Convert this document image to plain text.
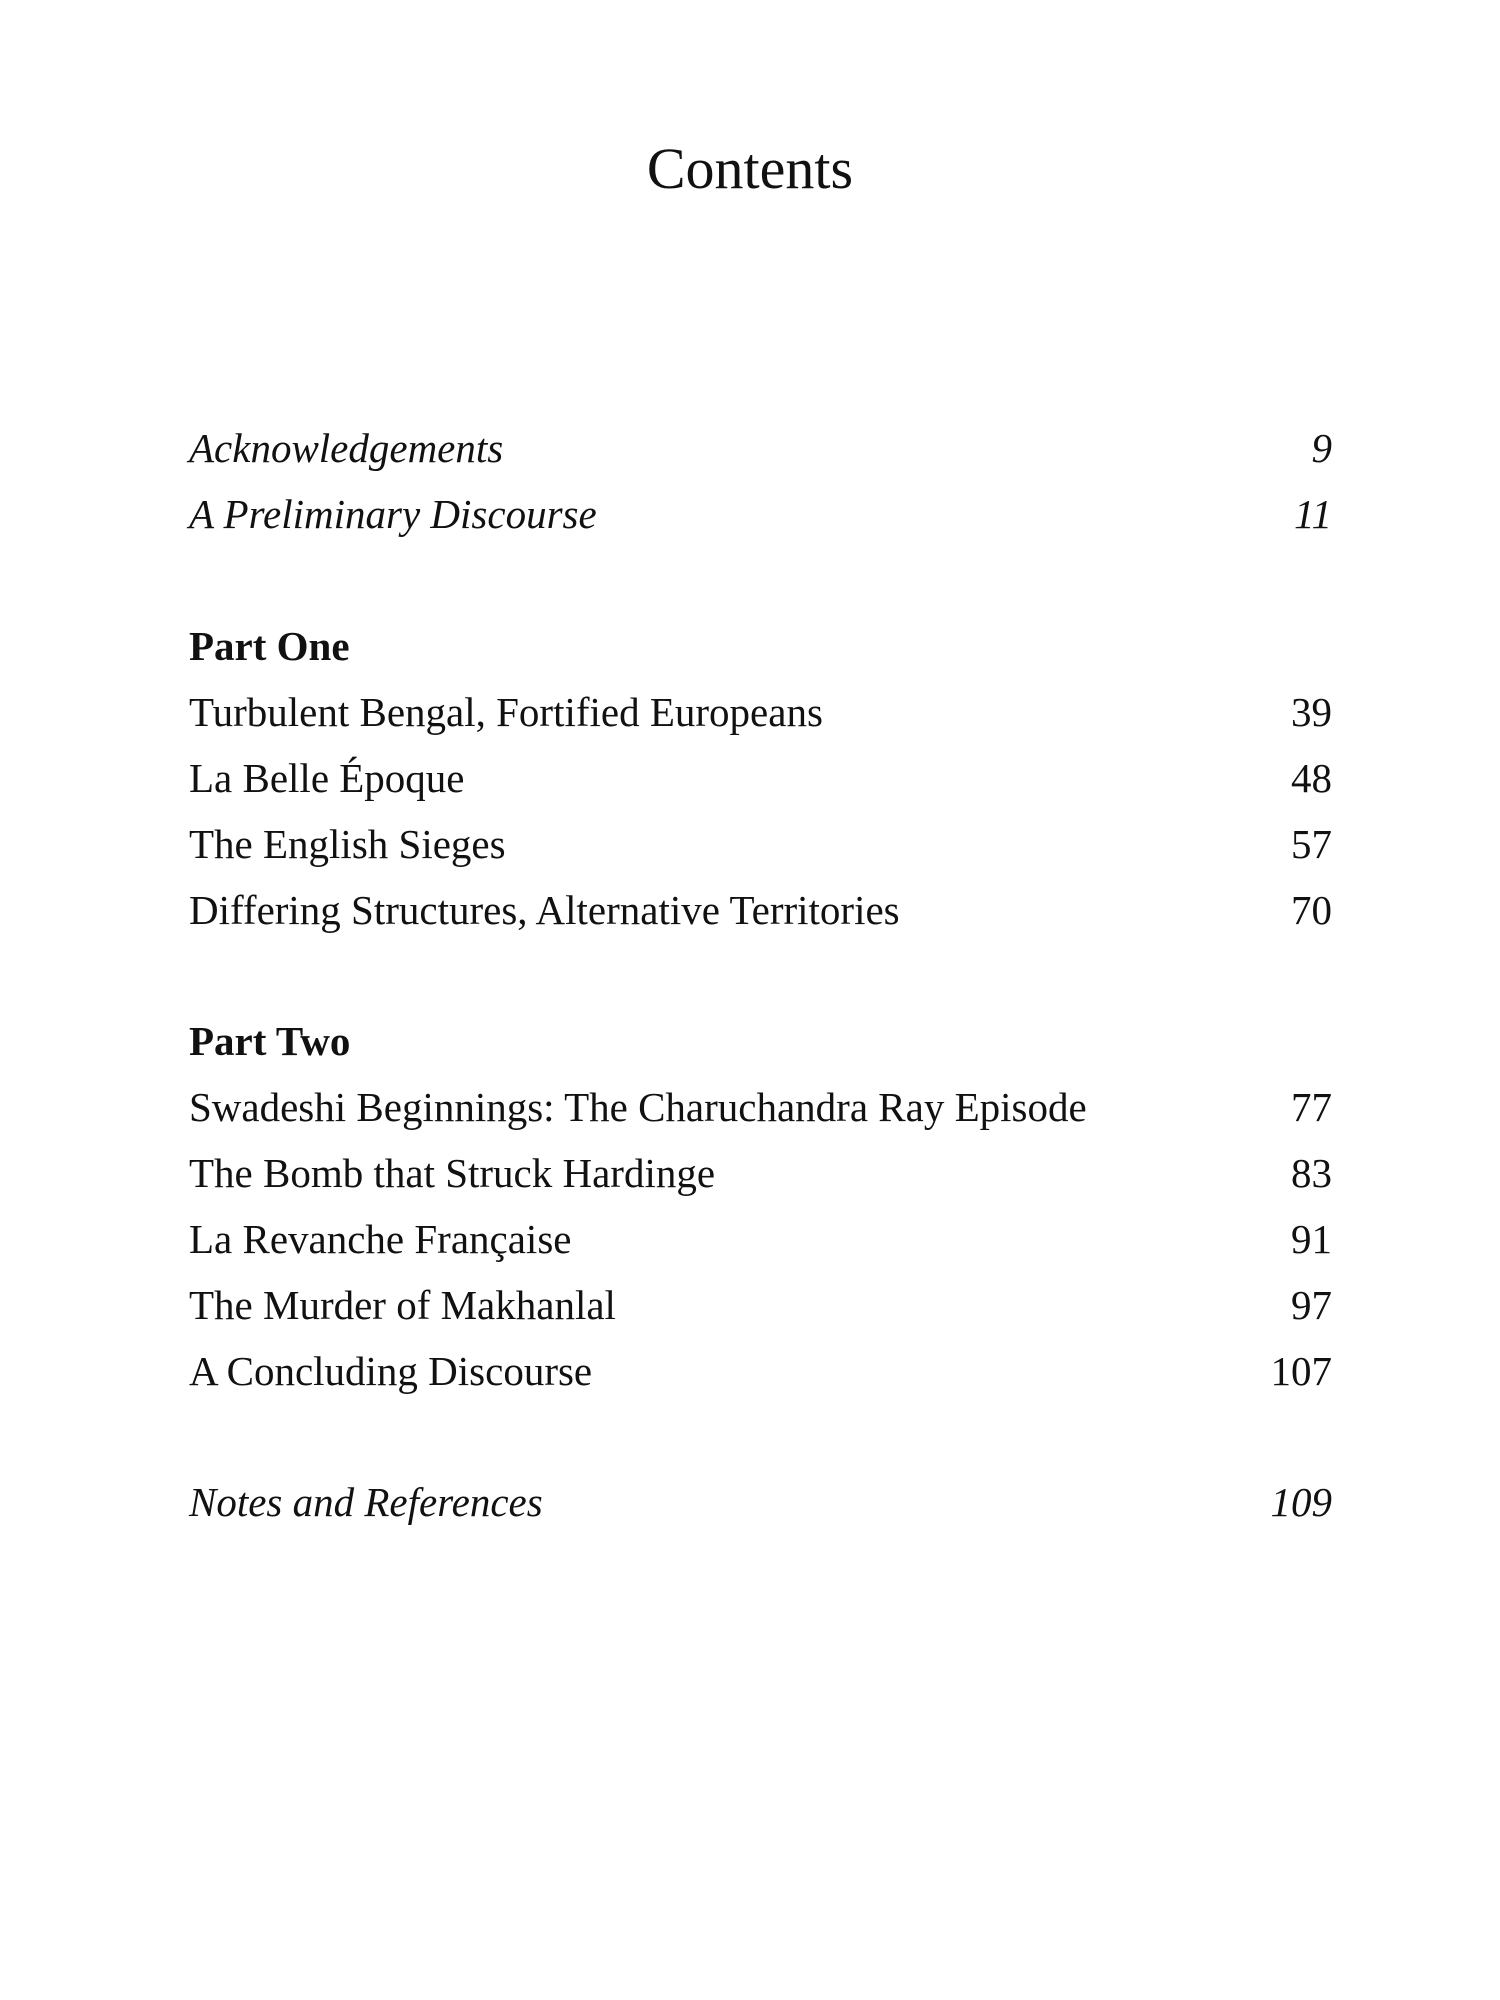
Contents
Acknowledgements	9
A Preliminary Discourse	11
Part One
Turbulent Bengal, Fortified Europeans	39
La Belle Époque	48
The English Sieges	57
Differing Structures, Alternative Territories	70
Part Two
Swadeshi Beginnings: The Charuchandra Ray Episode	77
The Bomb that Struck Hardinge	83
La Revanche Française	91
The Murder of Makhanlal	97
A Concluding Discourse	107
Notes and References	109
